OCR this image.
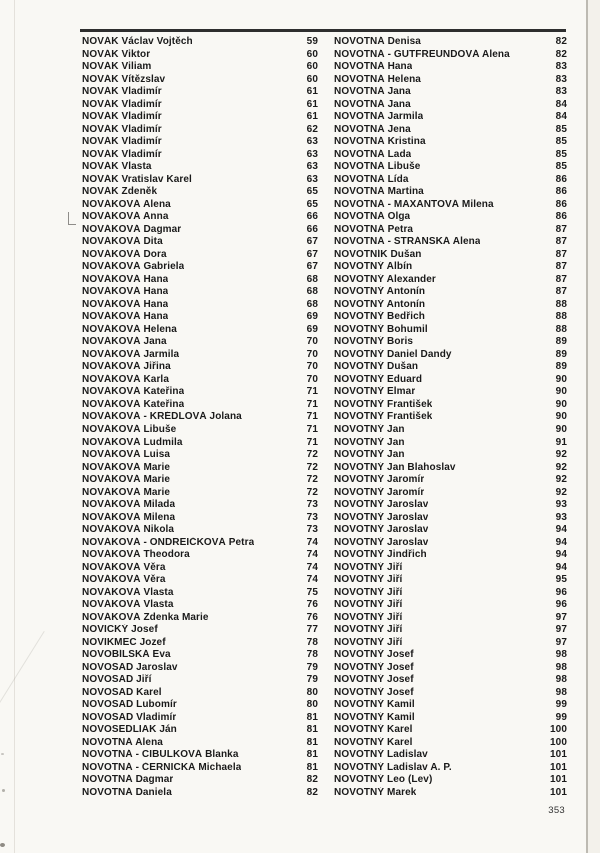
NOVÁK Václav Vojtěch	59
NOVÁK Viktor	60
NOVÁK Viliam	60
NOVÁK Vítězslav	60
NOVÁK Vladimír	61
NOVÁK Vladimír	61
NOVÁK Vladimír	61
NOVÁK Vladimír	62
NOVÁK Vladimír	63
NOVÁK Vladimír	63
NOVÁK Vlasta	63
NOVÁK Vratislav Karel	63
NOVÁK Zdeněk	65
NOVÁKOVÁ Alena	65
NOVÁKOVÁ Anna	66
NOVÁKOVÁ Dagmar	66
NOVÁKOVÁ Dita	67
NOVÁKOVÁ Dora	67
NOVÁKOVÁ Gabriela	67
NOVÁKOVÁ Hana	68
NOVÁKOVÁ Hana	68
NOVÁKOVÁ Hana	68
NOVÁKOVÁ Hana	69
NOVÁKOVÁ Helena	69
NOVÁKOVÁ Jana	70
NOVÁKOVÁ Jarmila	70
NOVÁKOVÁ Jiřina	70
NOVÁKOVÁ Karla	70
NOVÁKOVÁ Kateřina	71
NOVÁKOVÁ Kateřina	71
NOVÁKOVÁ - KRÉDLOVÁ Jolana	71
NOVÁKOVÁ Libuše	71
NOVÁKOVÁ Ludmila	71
NOVÁKOVÁ Luisa	72
NOVÁKOVÁ Marie	72
NOVÁKOVÁ Marie	72
NOVÁKOVÁ Marie	72
NOVÁKOVÁ Milada	73
NOVÁKOVÁ Milena	73
NOVÁKOVÁ Nikola	73
NOVÁKOVÁ - ONDREIČKOVÁ Petra	74
NOVÁKOVÁ Theodora	74
NOVÁKOVÁ Věra	74
NOVÁKOVÁ Věra	74
NOVÁKOVÁ Vlasta	75
NOVÁKOVÁ Vlasta	76
NOVÁKOVÁ Zdenka Marie	76
NOVICKÝ Josef	77
NOVIKMEC Jozef	78
NOVOBÍLSKÁ Eva	78
NOVOSAD Jaroslav	79
NOVOSAD Jiří	79
NOVOSAD Karel	80
NOVOSAD Lubomír	80
NOVOSAD Vladimír	81
NOVOSEDLIAK Ján	81
NOVOTNÁ Alena	81
NOVOTNÁ - CIBULKOVÁ Blanka	81
NOVOTNÁ - ČERNICKÁ Michaela	81
NOVOTNÁ Dagmar	82
NOVOTNÁ Daniela	82
NOVOTNÁ Denisa	82
NOVOTNÁ - GUTFREUNDOVÁ Alena	82
NOVOTNÁ Hana	83
NOVOTNÁ Helena	83
NOVOTNÁ Jana	83
NOVOTNÁ Jana	84
NOVOTNÁ Jarmila	84
NOVOTNÁ Jena	85
NOVOTNÁ Kristina	85
NOVOTNÁ Lada	85
NOVOTNÁ Libuše	85
NOVOTNÁ Lída	86
NOVOTNÁ Martina	86
NOVOTNÁ - MAXANTOVÁ Milena	86
NOVOTNÁ Olga	86
NOVOTNÁ Petra	87
NOVOTNÁ - STRÁNSKÁ Alena	87
NOVOTNÍK Dušan	87
NOVOTNÝ Albín	87
NOVOTNÝ Alexander	87
NOVOTNÝ Antonín	87
NOVOTNÝ Antonín	88
NOVOTNÝ Bedřich	88
NOVOTNÝ Bohumil	88
NOVOTNÝ Boris	89
NOVOTNÝ Daniel Dandy	89
NOVOTNÝ Dušan	89
NOVOTNÝ Eduard	90
NOVOTNÝ Elmar	90
NOVOTNÝ František	90
NOVOTNÝ František	90
NOVOTNÝ Jan	90
NOVOTNÝ Jan	91
NOVOTNÝ Jan	92
NOVOTNÝ Jan Blahoslav	92
NOVOTNÝ Jaromír	92
NOVOTNÝ Jaromír	92
NOVOTNÝ Jaroslav	93
NOVOTNÝ Jaroslav	93
NOVOTNÝ Jaroslav	94
NOVOTNÝ Jaroslav	94
NOVOTNÝ Jindřich	94
NOVOTNÝ Jiří	94
NOVOTNÝ Jiří	95
NOVOTNÝ Jiří	96
NOVOTNÝ Jiří	96
NOVOTNÝ Jiří	97
NOVOTNÝ Jiří	97
NOVOTNÝ Jiří	97
NOVOTNÝ Josef	98
NOVOTNÝ Josef	98
NOVOTNÝ Josef	98
NOVOTNÝ Josef	98
NOVOTNÝ Kamil	99
NOVOTNÝ Kamil	99
NOVOTNÝ Karel	100
NOVOTNÝ Karel	100
NOVOTNÝ Ladislav	101
NOVOTNÝ Ladislav A. P.	101
NOVOTNÝ Leo (Lev)	101
NOVOTNÝ Marek	101
353
